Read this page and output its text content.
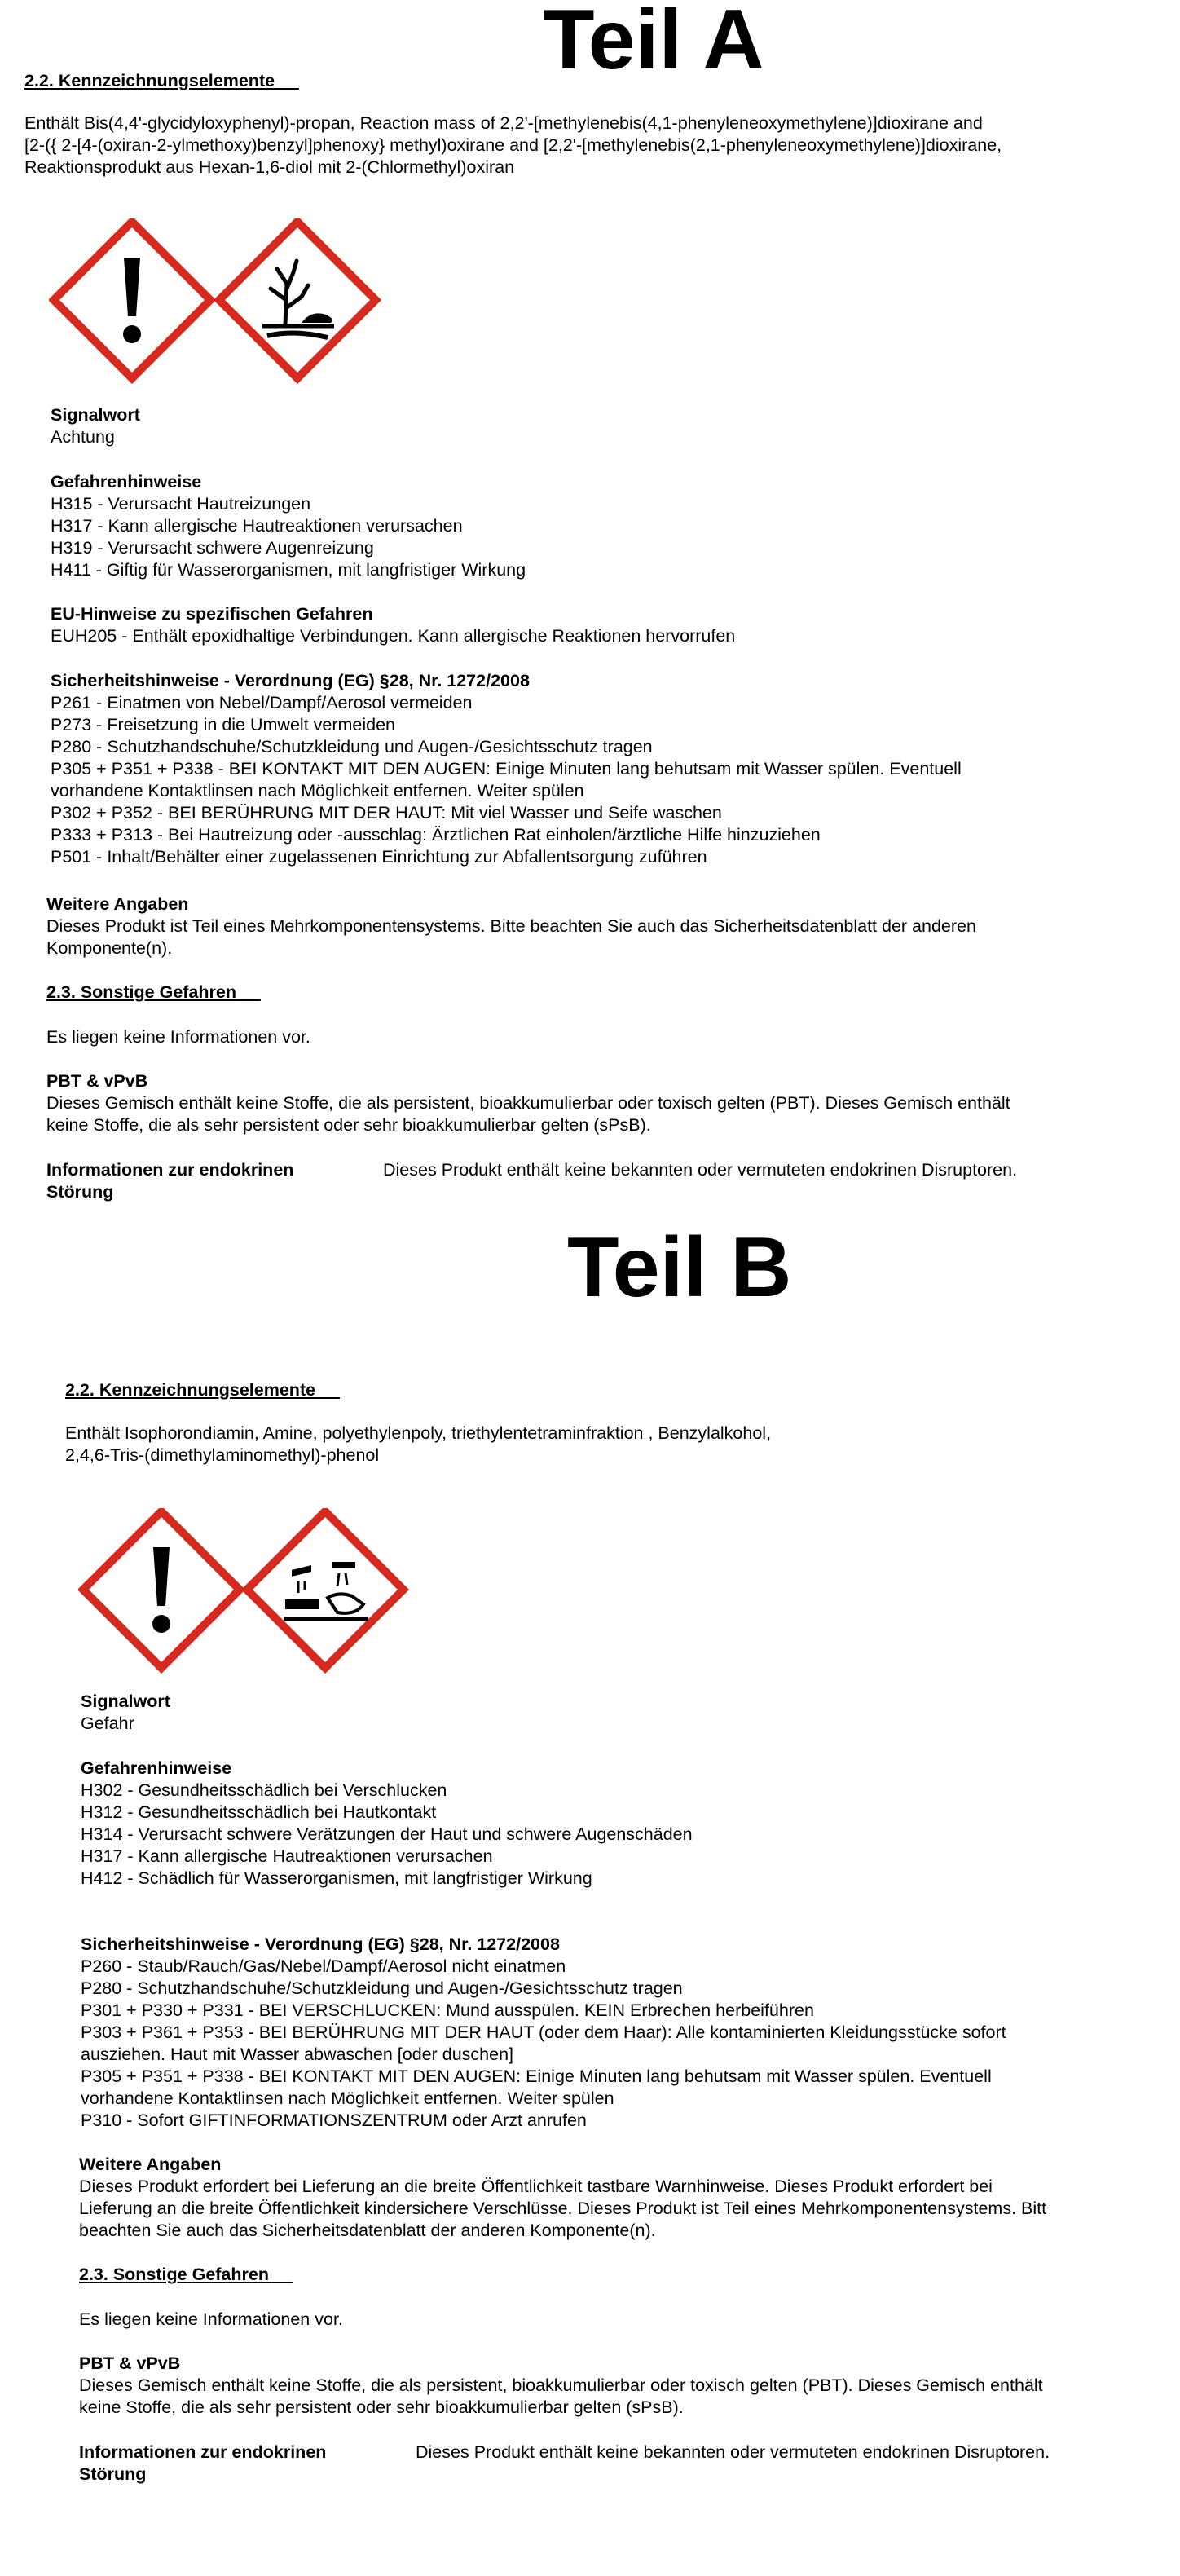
Teil A
2.2. Kennzeichnungselemente
Enthält Bis(4,4'-glycidyloxyphenyl)-propan, Reaction mass of 2,2'-[methylenebis(4,1-phenyleneoxymethylene)]dioxirane and
[2-({ 2-[4-(oxiran-2-ylmethoxy)benzyl]phenoxy} methyl)oxirane and [2,2'-[methylenebis(2,1-phenyleneoxymethylene)]dioxirane,
Reaktionsprodukt aus Hexan-1,6-diol mit 2-(Chlormethyl)oxiran
Signalwort
Achtung
Gefahrenhinweise
H315 - Verursacht Hautreizungen
H317 - Kann allergische Hautreaktionen verursachen
H319 - Verursacht schwere Augenreizung
H411 - Giftig für Wasserorganismen, mit langfristiger Wirkung
EU-Hinweise zu spezifischen Gefahren
EUH205 - Enthält epoxidhaltige Verbindungen. Kann allergische Reaktionen hervorrufen
Sicherheitshinweise - Verordnung (EG) §28, Nr. 1272/2008
P261 - Einatmen von Nebel/Dampf/Aerosol vermeiden
P273 - Freisetzung in die Umwelt vermeiden
P280 - Schutzhandschuhe/Schutzkleidung und Augen-/Gesichtsschutz tragen
P305 + P351 + P338 - BEI KONTAKT MIT DEN AUGEN: Einige Minuten lang behutsam mit Wasser spülen. Eventuell
vorhandene Kontaktlinsen nach Möglichkeit entfernen. Weiter spülen
P302 + P352 - BEI BERÜHRUNG MIT DER HAUT: Mit viel Wasser und Seife waschen
P333 + P313 - Bei Hautreizung oder -ausschlag: Ärztlichen Rat einholen/ärztliche Hilfe hinzuziehen
P501 - Inhalt/Behälter einer zugelassenen Einrichtung zur Abfallentsorgung zuführen
Weitere Angaben
Dieses Produkt ist Teil eines Mehrkomponentensystems. Bitte beachten Sie auch das Sicherheitsdatenblatt der anderen
Komponente(n).
2.3. Sonstige Gefahren
Es liegen keine Informationen vor.
PBT & vPvB
Dieses Gemisch enthält keine Stoffe, die als persistent, bioakkumulierbar oder toxisch gelten (PBT). Dieses Gemisch enthält
keine Stoffe, die als sehr persistent oder sehr bioakkumulierbar gelten (sPsB).
Informationen zur endokrinen
Störung
Dieses Produkt enthält keine bekannten oder vermuteten endokrinen Disruptoren.
Teil B
2.2. Kennzeichnungselemente
Enthält Isophorondiamin, Amine, polyethylenpoly, triethylentetraminfraktion , Benzylalkohol,
2,4,6-Tris-(dimethylaminomethyl)-phenol
Signalwort
Gefahr
Gefahrenhinweise
H302 - Gesundheitsschädlich bei Verschlucken
H312 - Gesundheitsschädlich bei Hautkontakt
H314 - Verursacht schwere Verätzungen der Haut und schwere Augenschäden
H317 - Kann allergische Hautreaktionen verursachen
H412 - Schädlich für Wasserorganismen, mit langfristiger Wirkung
Sicherheitshinweise - Verordnung (EG) §28, Nr. 1272/2008
P260 - Staub/Rauch/Gas/Nebel/Dampf/Aerosol nicht einatmen
P280 - Schutzhandschuhe/Schutzkleidung und Augen-/Gesichtsschutz tragen
P301 + P330 + P331 - BEI VERSCHLUCKEN: Mund ausspülen. KEIN Erbrechen herbeiführen
P303 + P361 + P353 - BEI BERÜHRUNG MIT DER HAUT (oder dem Haar): Alle kontaminierten Kleidungsstücke sofort
ausziehen. Haut mit Wasser abwaschen [oder duschen]
P305 + P351 + P338 - BEI KONTAKT MIT DEN AUGEN: Einige Minuten lang behutsam mit Wasser spülen. Eventuell
vorhandene Kontaktlinsen nach Möglichkeit entfernen. Weiter spülen
P310 - Sofort GIFTINFORMATIONSZENTRUM oder Arzt anrufen
Weitere Angaben
Dieses Produkt erfordert bei Lieferung an die breite Öffentlichkeit tastbare Warnhinweise. Dieses Produkt erfordert bei
Lieferung an die breite Öffentlichkeit kindersichere Verschlüsse. Dieses Produkt ist Teil eines Mehrkomponentensystems. Bitt
beachten Sie auch das Sicherheitsdatenblatt der anderen Komponente(n).
2.3. Sonstige Gefahren
Es liegen keine Informationen vor.
PBT & vPvB
Dieses Gemisch enthält keine Stoffe, die als persistent, bioakkumulierbar oder toxisch gelten (PBT). Dieses Gemisch enthält
keine Stoffe, die als sehr persistent oder sehr bioakkumulierbar gelten (sPsB).
Informationen zur endokrinen
Störung
Dieses Produkt enthält keine bekannten oder vermuteten endokrinen Disruptoren.
